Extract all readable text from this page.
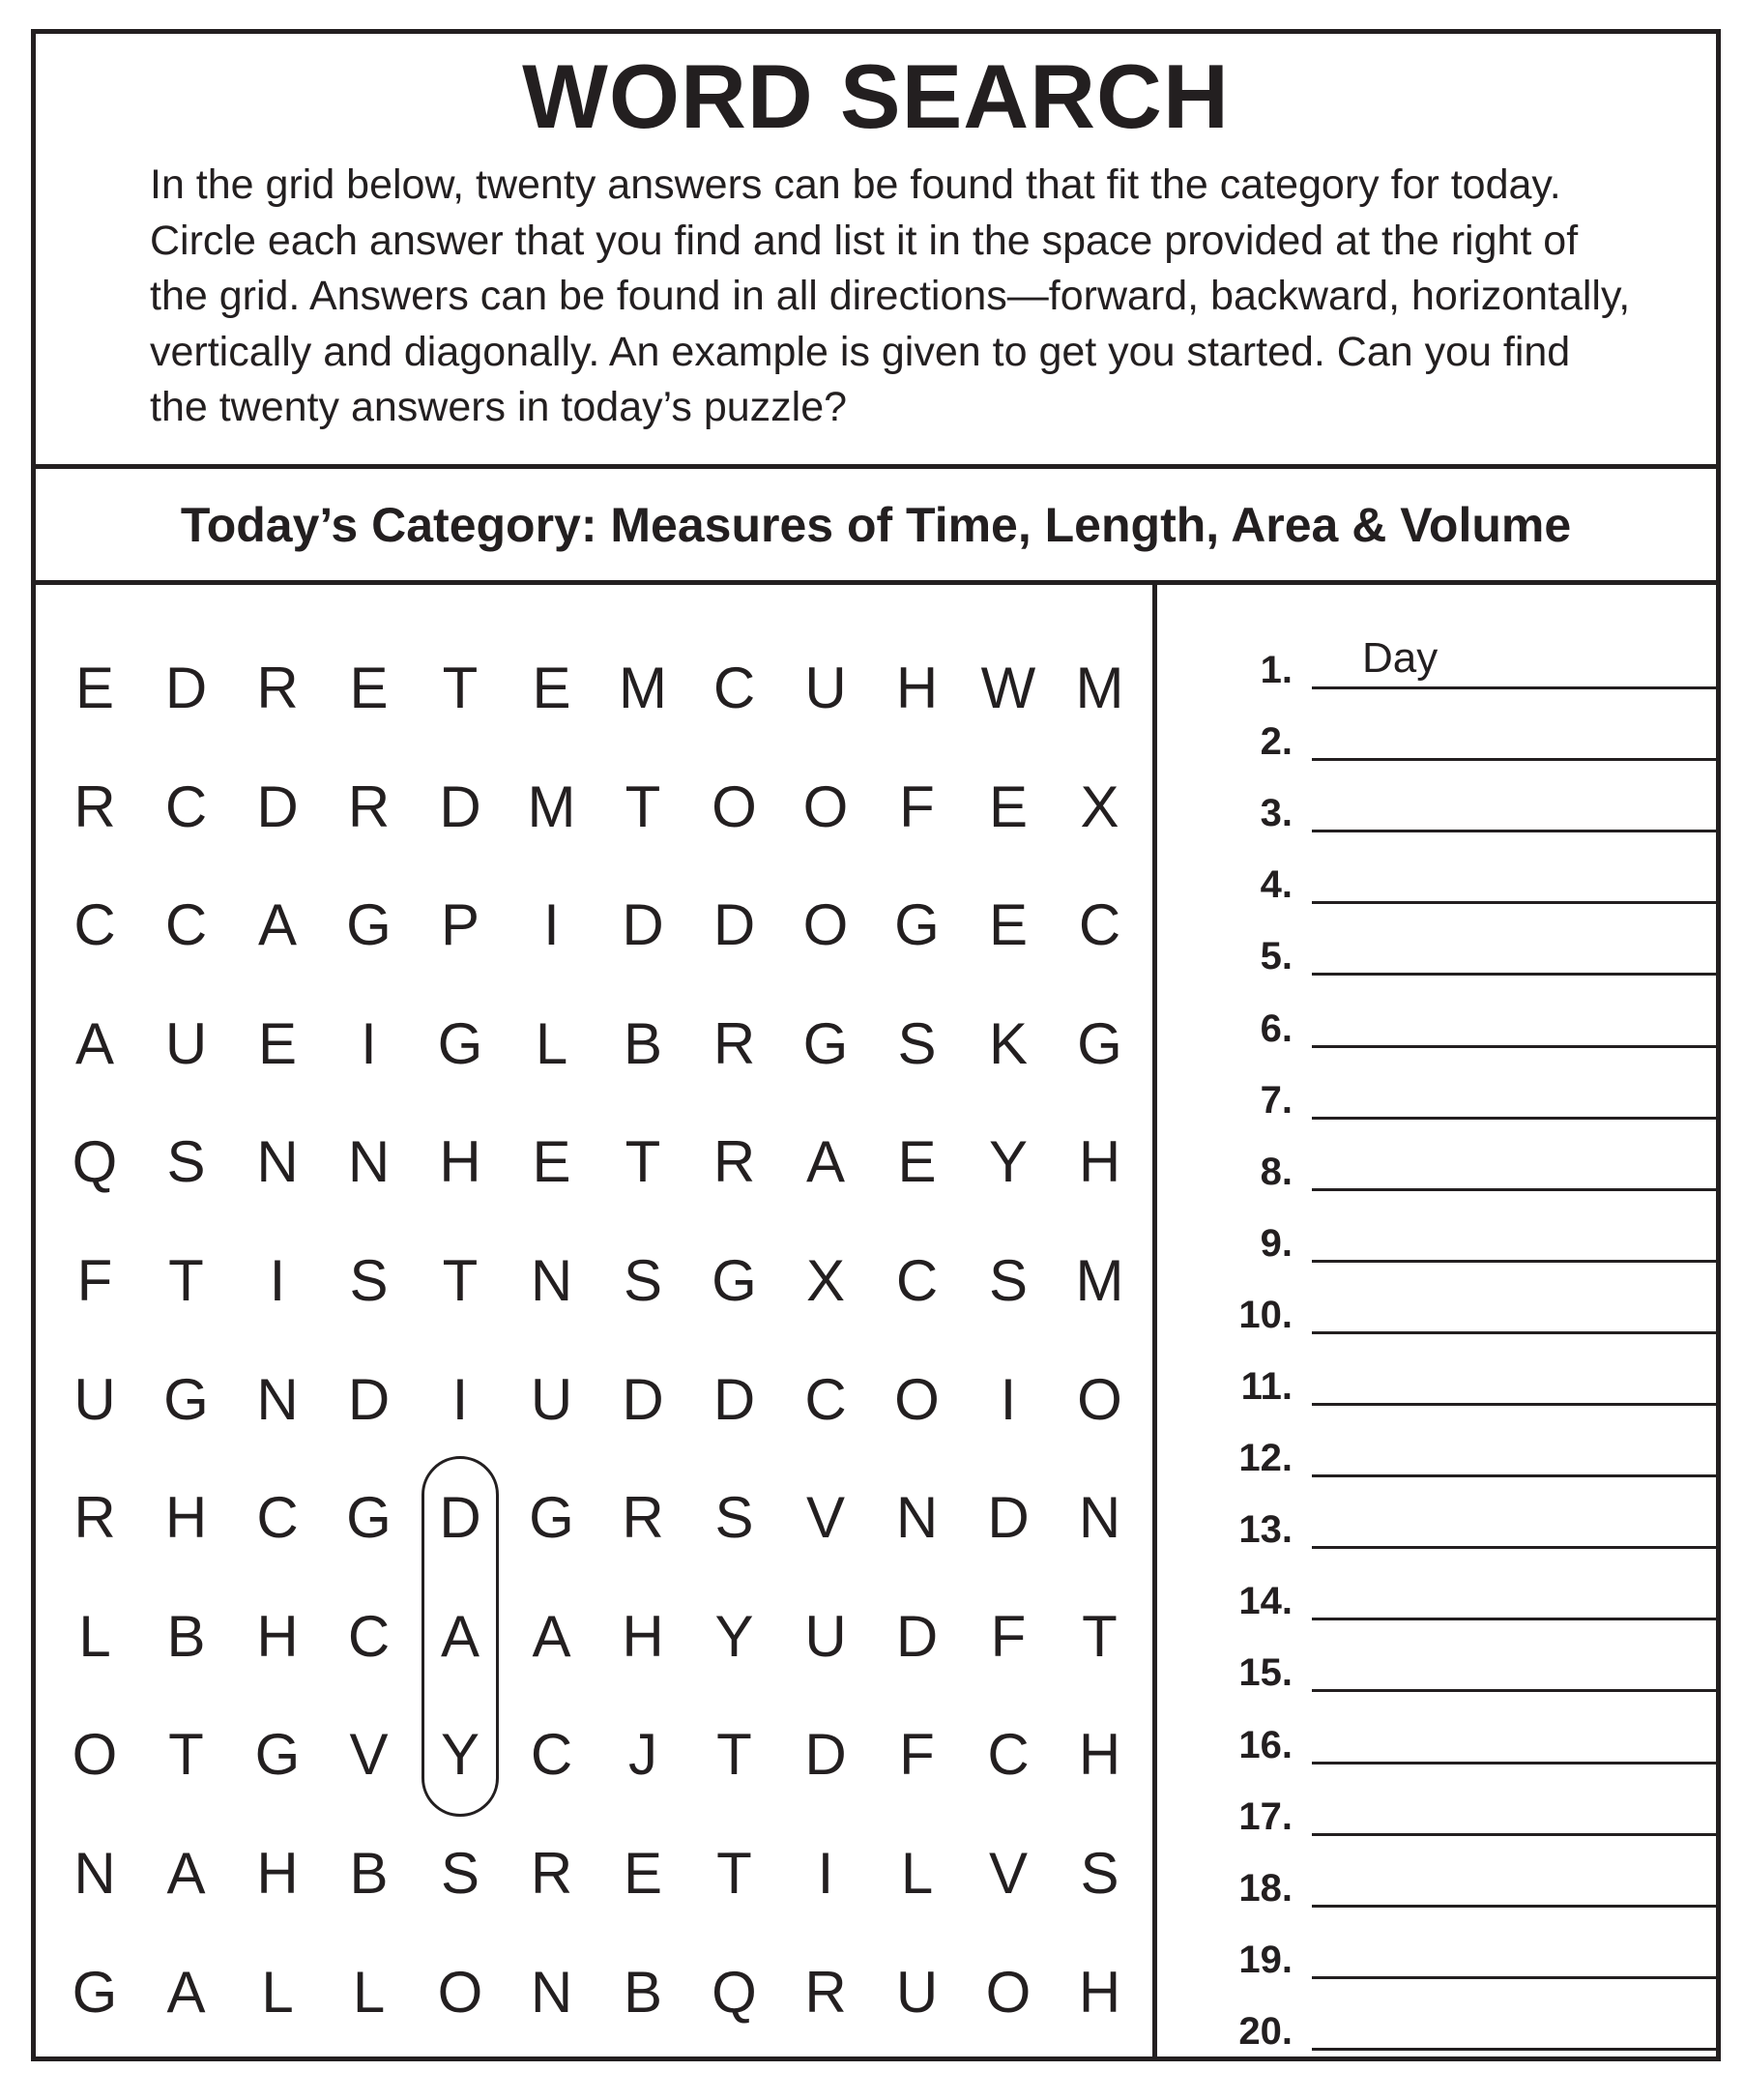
WORD SEARCH
In the grid below, twenty answers can be found that fit the category for today. Circle each answer that you find and list it in the space provided at the right of the grid. Answers can be found in all directions—forward, backward, horizontally, vertically and diagonally. An example is given to get you started. Can you find the twenty answers in today’s puzzle?
Today’s Category: Measures of Time, Length, Area & Volume
E D R E T E M C U H W M
R C D R D M T O O F E X
C C A G P	I	D D O G E C
A U E	I	G L B R G S K G
Q S N N H E T R A E Y H
F T	I	S T N S G X C S M
U G N D	I	U D D C O	I	O
R H C G D G R S V N D N
L B H C A A H Y U D F T
O T G V Y C J	T D F C H
N A H B S R E T	I	L V S
G A L	L O N B Q R U O H
1. Day
2.
3.
4.
5.
6.
7.
8.
9.
10.
11.
12.
13.
14.
15.
16.
17.
18.
19.
20.
